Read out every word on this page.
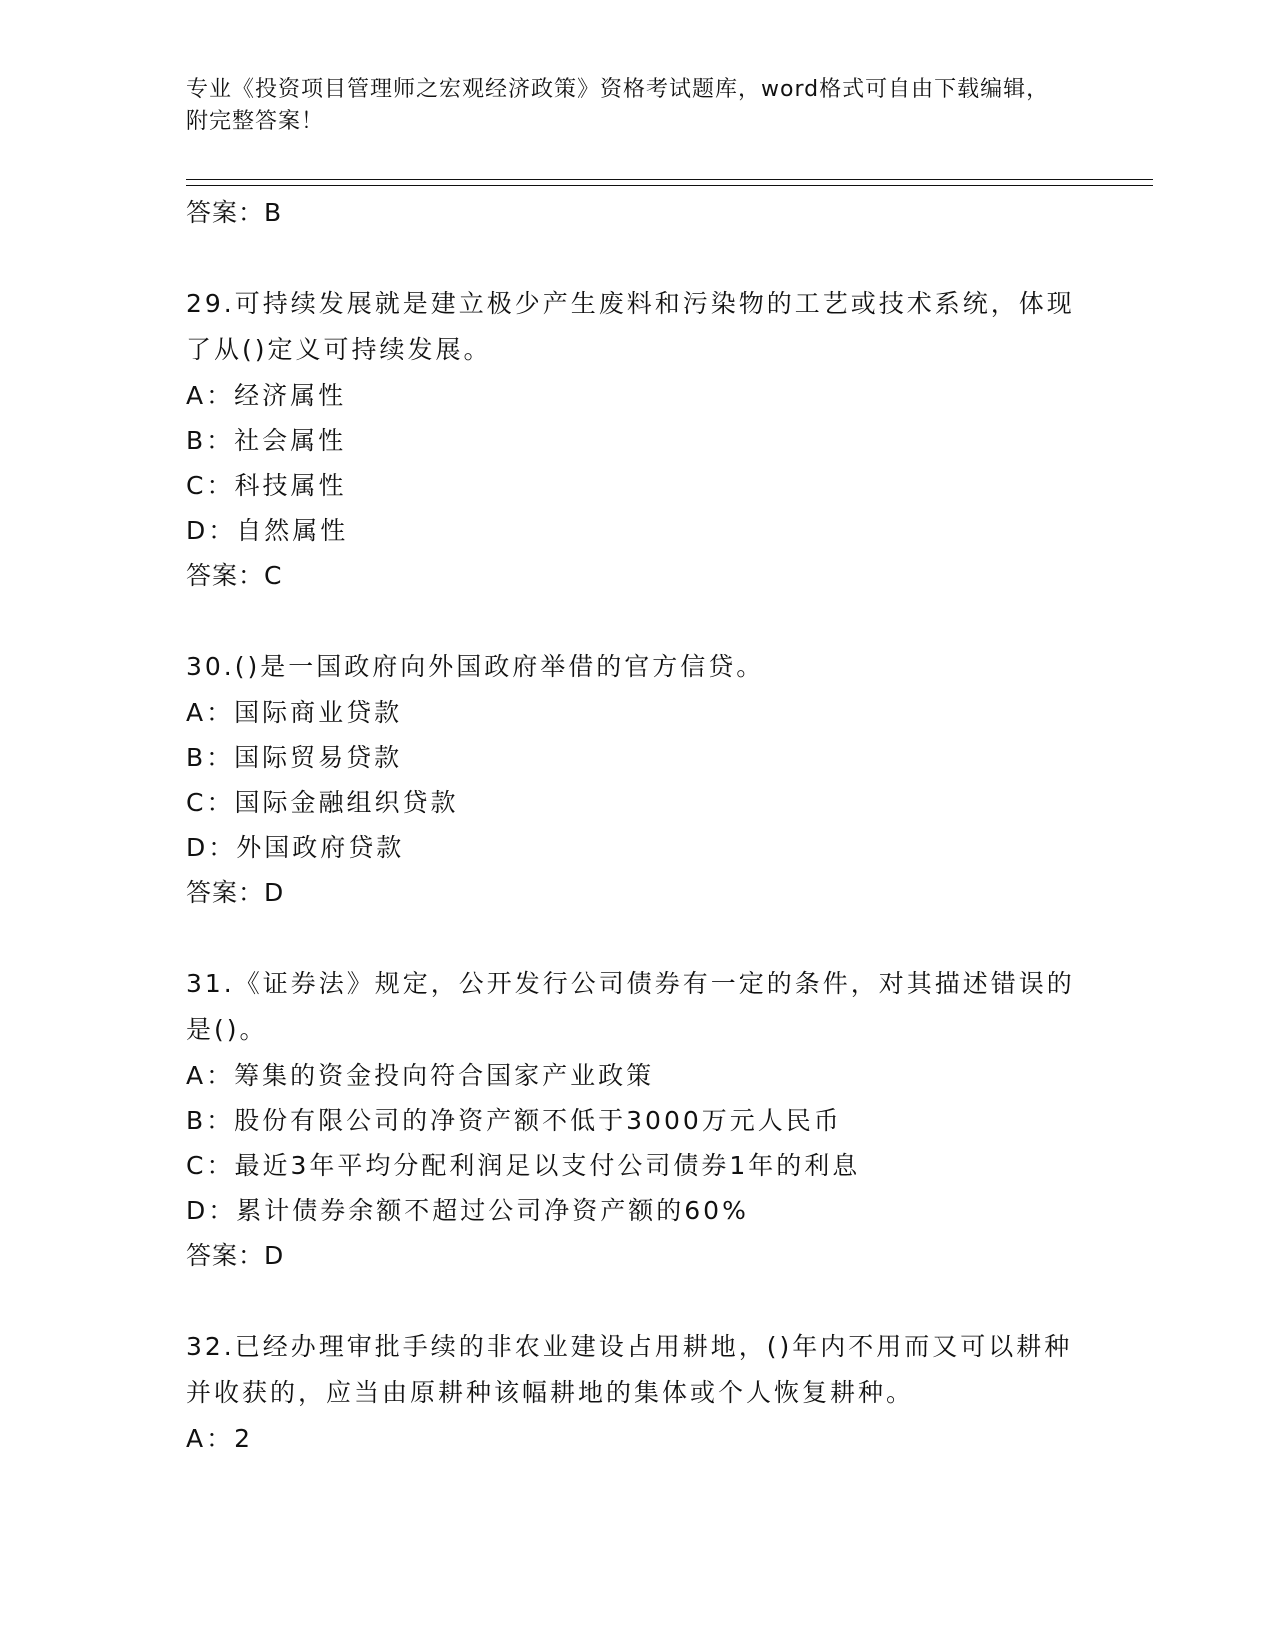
专业《投资项目管理师之宏观经济政策》资格考试题库，word格式可自由下载编辑，附完整答案！
答案：B
29.可持续发展就是建立极少产生废料和污染物的工艺或技术系统，体现了从()定义可持续发展。
A：经济属性
B：社会属性
C：科技属性
D：自然属性
答案：C
30.()是一国政府向外国政府举借的官方信贷。
A：国际商业贷款
B：国际贸易贷款
C：国际金融组织贷款
D：外国政府贷款
答案：D
31.《证券法》规定，公开发行公司债券有一定的条件，对其描述错误的是()。
A：筹集的资金投向符合国家产业政策
B：股份有限公司的净资产额不低于3000万元人民币
C：最近3年平均分配利润足以支付公司债券1年的利息
D：累计债券余额不超过公司净资产额的60%
答案：D
32.已经办理审批手续的非农业建设占用耕地，()年内不用而又可以耕种并收获的，应当由原耕种该幅耕地的集体或个人恢复耕种。
A：2
